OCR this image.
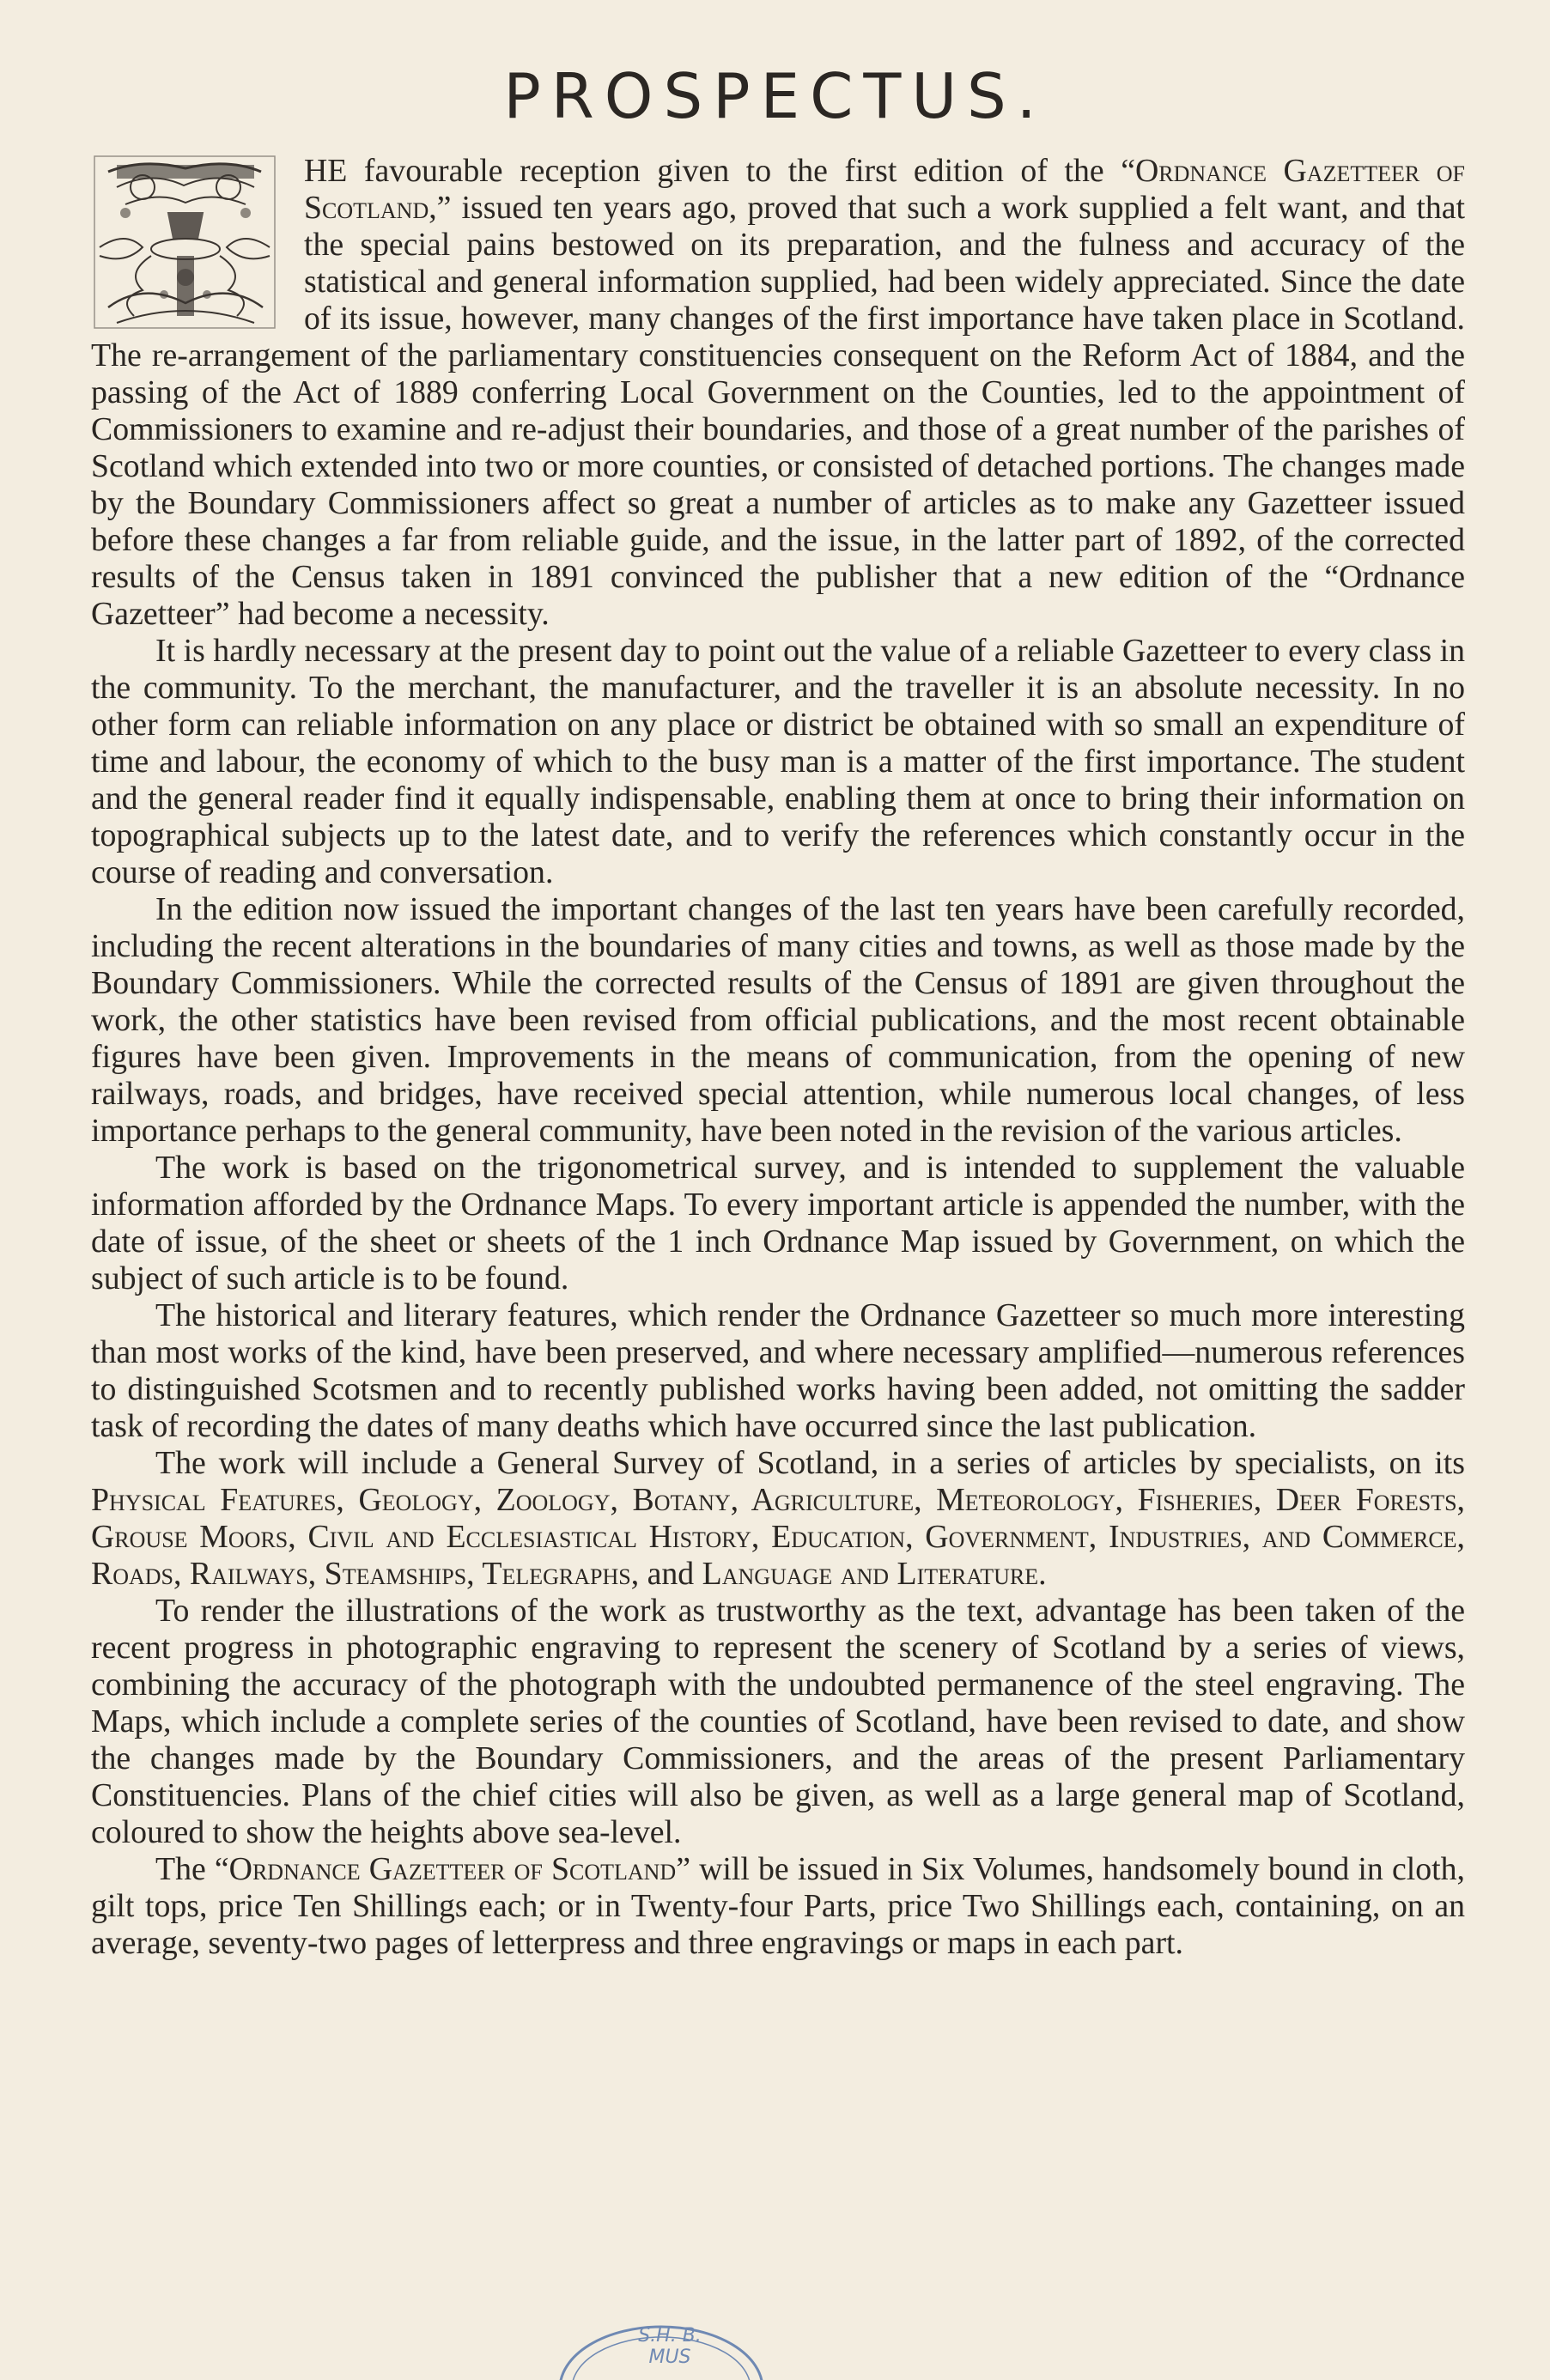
PROSPECTUS.

HE favourable reception given to the first edition of the “Ordnance Gazetteer of Scotland,” issued ten years ago, proved that such a work supplied a felt want, and that the special pains bestowed on its preparation, and the fulness and accuracy of the statistical and general information supplied, had been widely appreciated. Since the date of its issue, however, many changes of the first importance have taken place in Scotland. The re-arrangement of the parliamentary constituencies consequent on the Reform Act of 1884, and the passing of the Act of 1889 conferring Local Government on the Counties, led to the appointment of Commissioners to examine and re-adjust their boundaries, and those of a great number of the parishes of Scotland which extended into two or more counties, or consisted of detached portions. The changes made by the Boundary Commissioners affect so great a number of articles as to make any Gazetteer issued before these changes a far from reliable guide, and the issue, in the latter part of 1892, of the corrected results of the Census taken in 1891 convinced the publisher that a new edition of the “Ordnance Gazetteer” had become a necessity.

It is hardly necessary at the present day to point out the value of a reliable Gazetteer to every class in the community. To the merchant, the manufacturer, and the traveller it is an absolute necessity. In no other form can reliable information on any place or district be obtained with so small an expenditure of time and labour, the economy of which to the busy man is a matter of the first importance. The student and the general reader find it equally indispensable, enabling them at once to bring their information on topographical subjects up to the latest date, and to verify the references which constantly occur in the course of reading and conversation.

In the edition now issued the important changes of the last ten years have been carefully recorded, including the recent alterations in the boundaries of many cities and towns, as well as those made by the Boundary Commissioners. While the corrected results of the Census of 1891 are given throughout the work, the other statistics have been revised from official publications, and the most recent obtainable figures have been given. Improvements in the means of communication, from the opening of new railways, roads, and bridges, have received special attention, while numerous local changes, of less importance perhaps to the general community, have been noted in the revision of the various articles.

The work is based on the trigonometrical survey, and is intended to supplement the valuable information afforded by the Ordnance Maps. To every important article is appended the number, with the date of issue, of the sheet or sheets of the 1 inch Ordnance Map issued by Government, on which the subject of such article is to be found.

The historical and literary features, which render the Ordnance Gazetteer so much more interesting than most works of the kind, have been preserved, and where necessary amplified—numerous references to distinguished Scotsmen and to recently published works having been added, not omitting the sadder task of recording the dates of many deaths which have occurred since the last publication.

The work will include a General Survey of Scotland, in a series of articles by specialists, on its Physical Features, Geology, Zoology, Botany, Agriculture, Meteorology, Fisheries, Deer Forests, Grouse Moors, Civil and Ecclesiastical History, Education, Government, Industries, and Commerce, Roads, Railways, Steamships, Telegraphs, and Language and Literature.

To render the illustrations of the work as trustworthy as the text, advantage has been taken of the recent progress in photographic engraving to represent the scenery of Scotland by a series of views, combining the accuracy of the photograph with the undoubted permanence of the steel engraving. The Maps, which include a complete series of the counties of Scotland, have been revised to date, and show the changes made by the Boundary Commissioners, and the areas of the present Parliamentary Constituencies. Plans of the chief cities will also be given, as well as a large general map of Scotland, coloured to show the heights above sea-level.

The “Ordnance Gazetteer of Scotland” will be issued in Six Volumes, handsomely bound in cloth, gilt tops, price Ten Shillings each; or in Twenty-four Parts, price Two Shillings each, containing, on an average, seventy-two pages of letterpress and three engravings or maps in each part.

S.H. B. MUS
